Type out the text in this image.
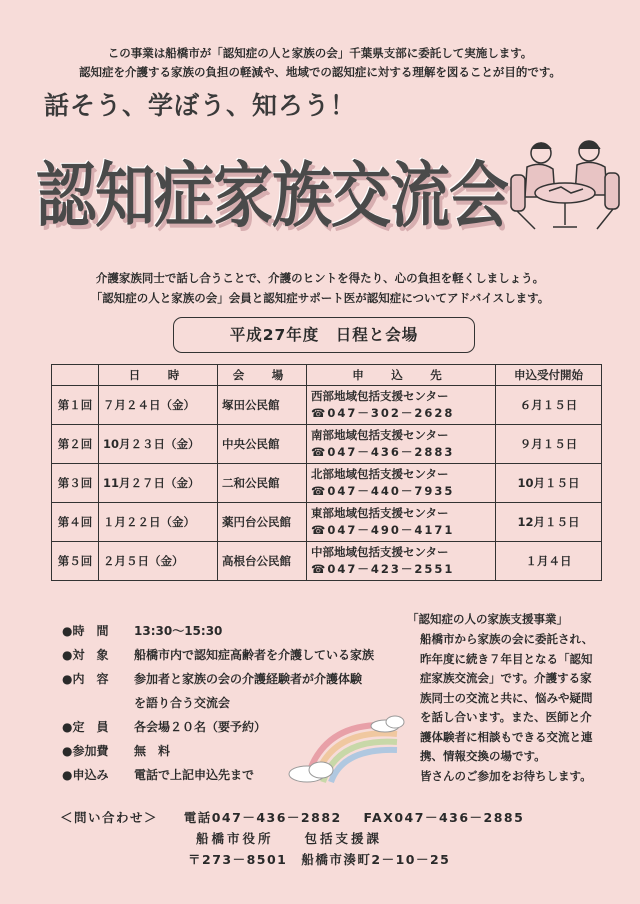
この事業は船橋市が「認知症の人と家族の会」千葉県支部に委託して実施します。
認知症を介護する家族の負担の軽減や、地域での認知症に対する理解を図ることが目的です。
話そう、学ぼう、知ろう！
認知症家族交流会
介護家族同士で話し合うことで、介護のヒントを得たり、心の負担を軽くしましょう。
「認知症の人と家族の会」会員と認知症サポート医が認知症についてアドバイスします。
平成27年度　日程と会場
	日　時	会　場	申　込　先	申込受付開始
第１回	７月２４日（金）	塚田公民館	西部地域包括支援センター
☎047－302－2628	６月１５日
第２回	10月２３日（金）	中央公民館	南部地域包括支援センター
☎047－436－2883	９月１５日
第３回	11月２７日（金）	二和公民館	北部地域包括支援センター
☎047－440－7935	10月１５日
第４回	１月２２日（金）	薬円台公民館	東部地域包括支援センター
☎047－490－4171	12月１５日
第５回	２月５日（金）	高根台公民館	中部地域包括支援センター
☎047－423－2551	１月４日
●時　間 13:30～15:30
●対　象 船橋市内で認知症高齢者を介護している家族
●内　容 参加者と家族の会の介護経験者が介護体験
を語り合う交流会
●定　員 各会場２０名（要予約）
●参加費 無　料
●申込み 電話で上記申込先まで
「認知症の人の家族支援事業」
船橋市から家族の会に委託され、
昨年度に続き７年目となる「認知
症家族交流会」です。介護する家
族同士の交流と共に、悩みや疑問
を話し合います。また、医師と介
護体験者に相談もできる交流と連
携、情報交換の場です。
皆さんのご参加をお待ちします。
＜問い合わせ＞ 電話047－436－2882 FAX047－436－2885
船橋市役所　　包括支援課
〒273－8501　船橋市湊町2－10－25
